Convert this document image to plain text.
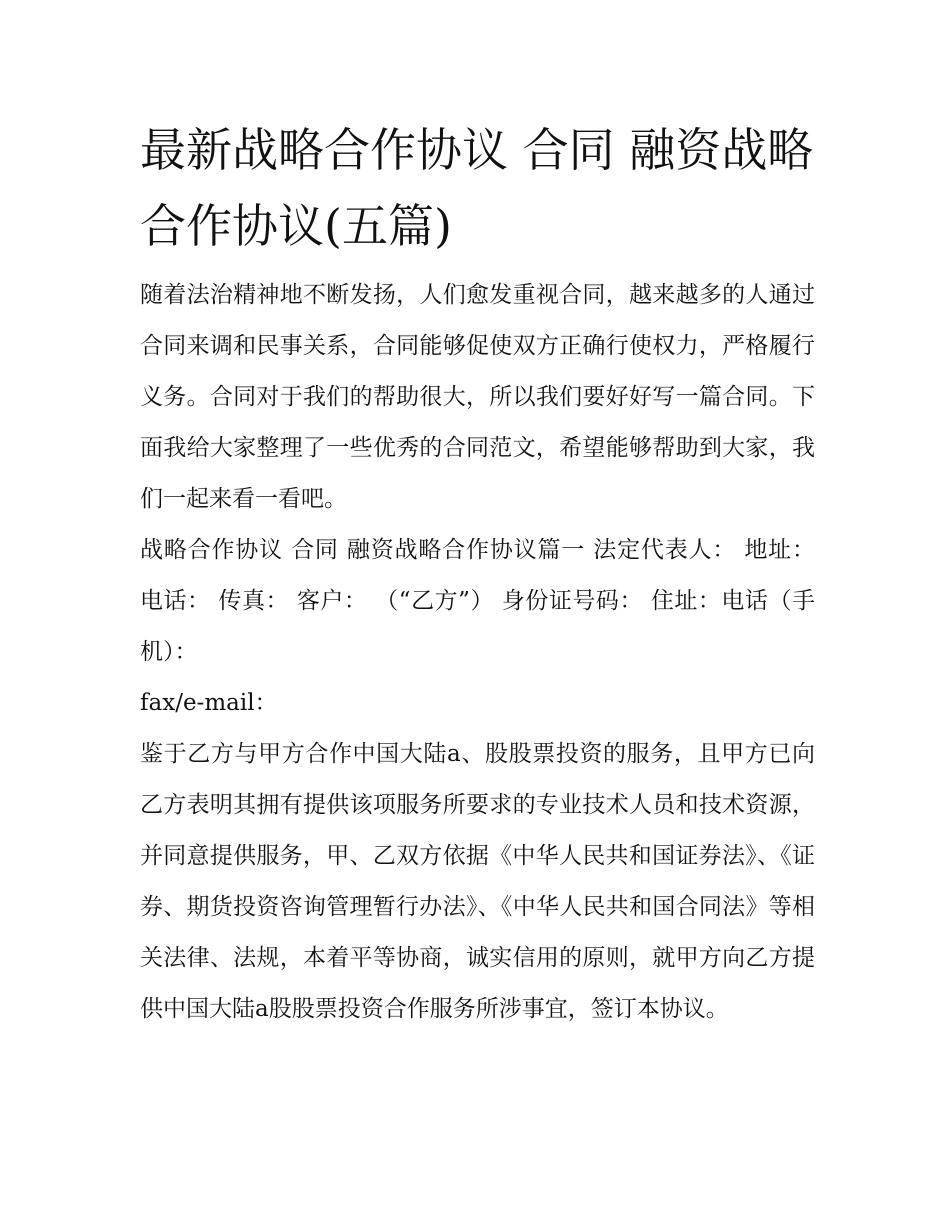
最新战略合作协议 合同 融资战略合作协议(五篇)

随着法治精神地不断发扬，人们愈发重视合同，越来越多的人通过合同来调和民事关系，合同能够促使双方正确行使权力，严格履行义务。合同对于我们的帮助很大，所以我们要好好写一篇合同。下面我给大家整理了一些优秀的合同范文，希望能够帮助到大家，我们一起来看一看吧。

战略合作协议 合同 融资战略合作协议篇一 法定代表人： 地址： 电话： 传真： 客户： （“乙方”） 身份证号码： 住址：电话（手机）：

fax/e-mail：

鉴于乙方与甲方合作中国大陆a、股股票投资的服务，且甲方已向乙方表明其拥有提供该项服务所要求的专业技术人员和技术资源，并同意提供服务，甲、乙双方依据《中华人民共和国证券法》、《证券、期货投资咨询管理暂行办法》、《中华人民共和国合同法》等相关法律、法规，本着平等协商，诚实信用的原则，就甲方向乙方提供中国大陆a股股票投资合作服务所涉事宜，签订本协议。
